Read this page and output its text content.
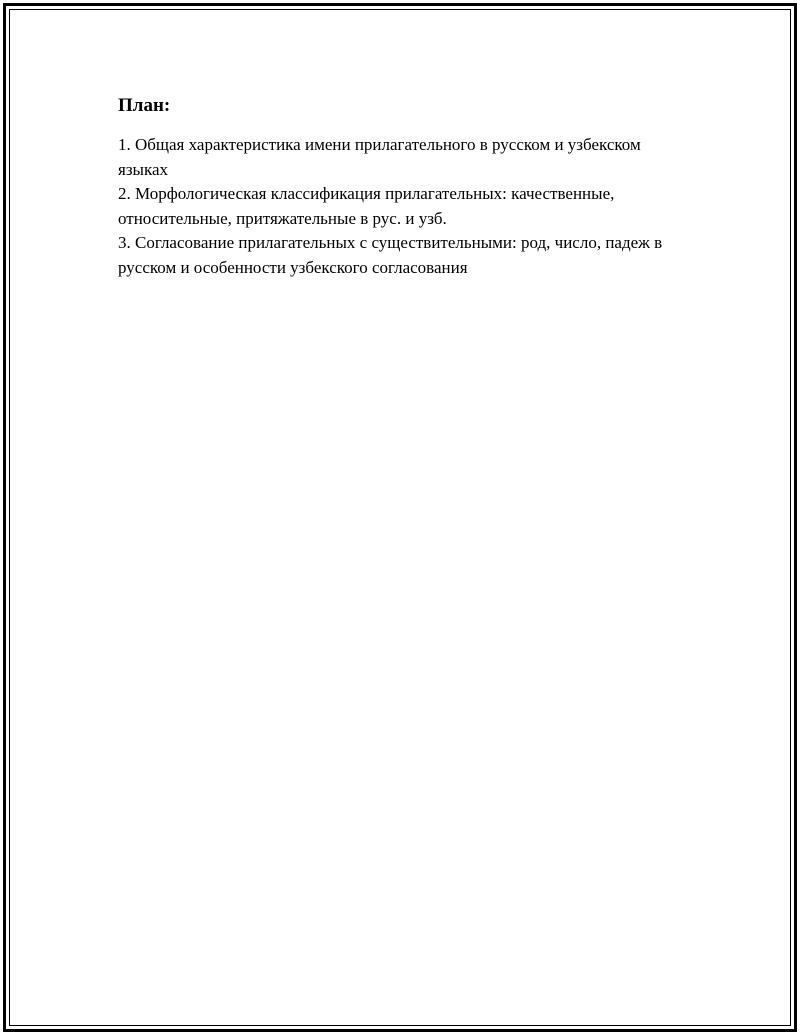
План:
1. Общая характеристика имени прилагательного в русском и узбекском языках
2. Морфологическая классификация прилагательных: качественные, относительные, притяжательные в рус. и узб.
3. Согласование прилагательных с существительными: род, число, падеж в русском и особенности узбекского согласования
